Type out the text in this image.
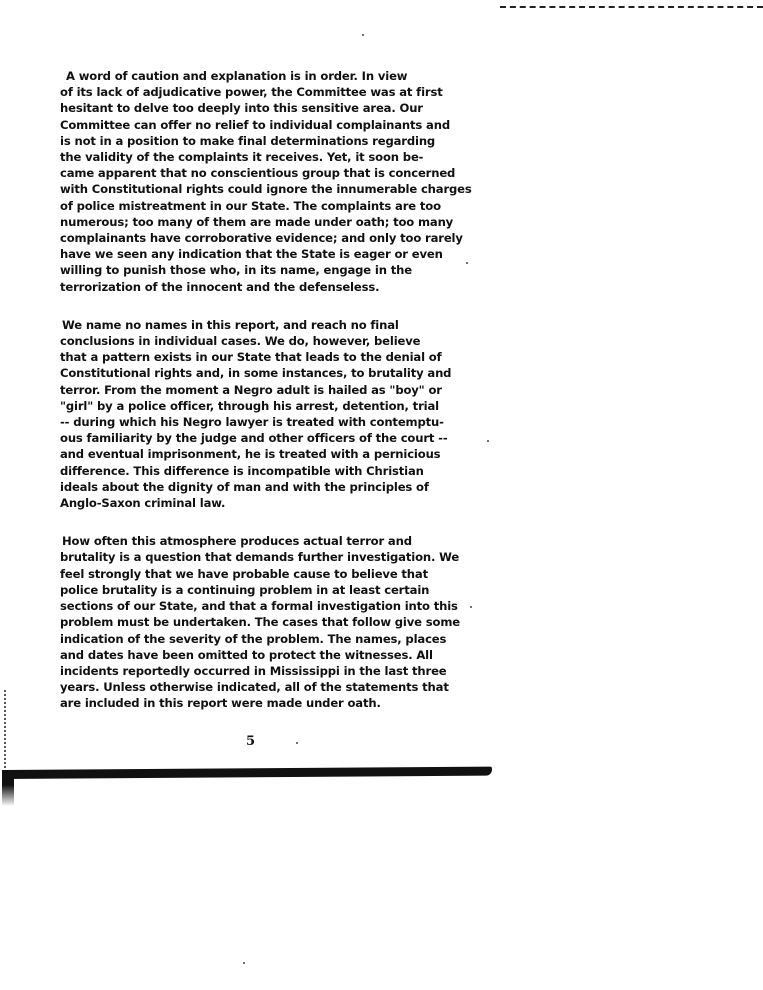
A word of caution and explanation is in order. In view
of its lack of adjudicative power, the Committee was at first
hesitant to delve too deeply into this sensitive area. Our
Committee can offer no relief to individual complainants and
is not in a position to make final determinations regarding
the validity of the complaints it receives. Yet, it soon be-
came apparent that no conscientious group that is concerned
with Constitutional rights could ignore the innumerable charges
of police mistreatment in our State. The complaints are too
numerous; too many of them are made under oath; too many
complainants have corroborative evidence; and only too rarely
have we seen any indication that the State is eager or even
willing to punish those who, in its name, engage in the
terrorization of the innocent and the defenseless.

We name no names in this report, and reach no final
conclusions in individual cases. We do, however, believe
that a pattern exists in our State that leads to the denial of
Constitutional rights and, in some instances, to brutality and
terror. From the moment a Negro adult is hailed as "boy" or
"girl" by a police officer, through his arrest, detention, trial
-- during which his Negro lawyer is treated with contemptu-
ous familiarity by the judge and other officers of the court --
and eventual imprisonment, he is treated with a pernicious
difference. This difference is incompatible with Christian
ideals about the dignity of man and with the principles of
Anglo-Saxon criminal law.

How often this atmosphere produces actual terror and
brutality is a question that demands further investigation. We
feel strongly that we have probable cause to believe that
police brutality is a continuing problem in at least certain
sections of our State, and that a formal investigation into this
problem must be undertaken. The cases that follow give some
indication of the severity of the problem. The names, places
and dates have been omitted to protect the witnesses. All
incidents reportedly occurred in Mississippi in the last three
years. Unless otherwise indicated, all of the statements that
are included in this report were made under oath.

5
